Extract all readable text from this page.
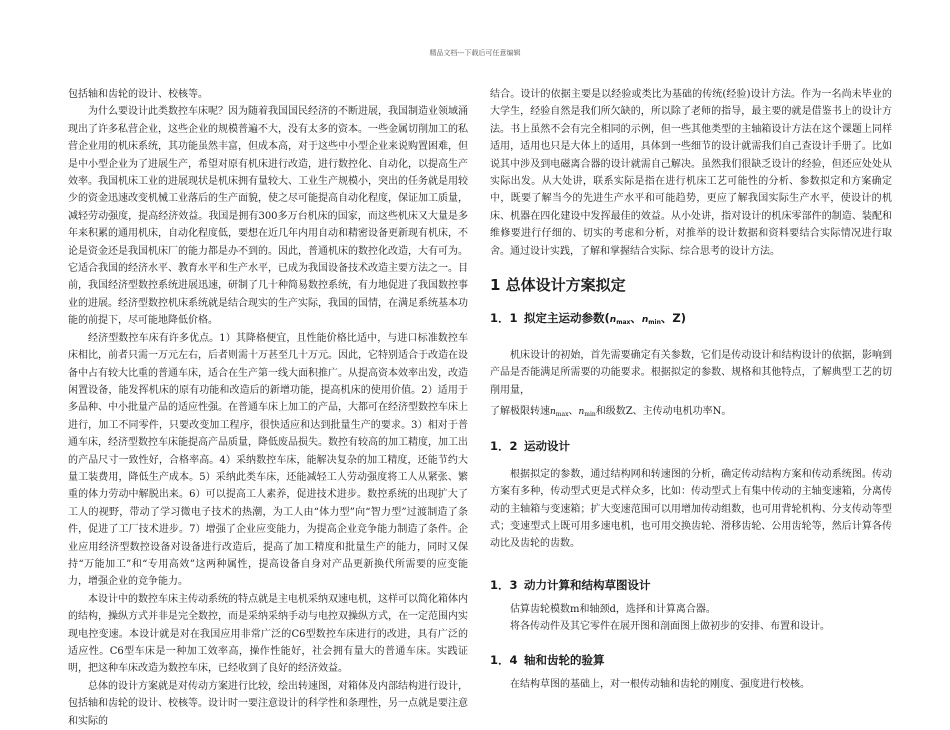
精品文档---下载后可任意编辑

包括轴和齿轮的设计、校核等。

为什么要设计此类数控车床呢？因为随着我国国民经济的不断进展，我国制造业领域涌现出了许多私营企业，这些企业的规模普遍不大，没有太多的资本。一些金属切削加工的私营企业用的机床系统，其功能虽然丰富，但成本高，对于这些中小型企业来说购置困难，但是中小型企业为了进展生产，希望对原有机床进行改造，进行数控化、自动化，以提高生产效率。我国机床工业的进展现状是机床拥有量较大、工业生产规模小，突出的任务就是用较少的资金迅速改变机械工业落后的生产面貌，使之尽可能提高自动化程度，保证加工质量，减轻劳动强度，提高经济效益。我国是拥有300多万台机床的国家，而这些机床又大量是多年来积累的通用机床，自动化程度低，要想在近几年内用自动和精密设备更新现有机床，不论是资金还是我国机床厂的能力都是办不到的。因此，普通机床的数控化改造，大有可为。它适合我国的经济水平、教育水平和生产水平，已成为我国设备技术改造主要方法之一。目前，我国经济型数控系统进展迅速，研制了几十种简易数控系统，有力地促进了我国数控事业的进展。经济型数控机床系统就是结合现实的生产实际，我国的国情，在满足系统基本功能的前提下，尽可能地降低价格。

经济型数控车床有许多优点。1）其降格便宜，且性能价格比适中，与进口标准数控车床相比，前者只需一万元左右，后者则需十万甚至几十万元。因此，它特别适合于改造在设备中占有较大比重的普通车床，适合在生产第一线大面积推广。从提高资本效率出发，改造闲置设备，能发挥机床的原有功能和改造后的新增功能，提高机床的使用价值。2）适用于多品种、中小批量产品的适应性强。在普通车床上加工的产品，大都可在经济型数控车床上进行，加工不同零件，只要改变加工程序，很快适应和达到批量生产的要求。3）相对于普通车床，经济型数控车床能提高产品质量，降低废品损失。数控有较高的加工精度，加工出的产品尺寸一致性好，合格率高。4）采纳数控车床，能解决复杂的加工精度，还能节约大量工装费用，降低生产成本。5）采纳此类车床，还能减轻工人劳动强度将工人从紧张、繁重的体力劳动中解脱出来。6）可以提高工人素养，促进技术进步。数控系统的出现扩大了工人的视野，带动了学习微电子技术的热潮，为工人由“体力型”向“智力型”过渡制造了条件，促进了工厂技术进步。7）增强了企业应变能力，为提高企业竞争能力制造了条件。企业应用经济型数控设备对设备进行改造后，提高了加工精度和批量生产的能力，同时又保持“万能加工”和“专用高效”这两种属性，提高设备自身对产品更新换代所需要的应变能力，增强企业的竞争能力。

本设计中的数控车床主传动系统的特点就是主电机采纳双速电机，这样可以简化箱体内的结构，操纵方式并非是完全数控，而是采纳采纳手动与电控双操纵方式，在一定范围内实现电控变速。本设计就是对在我国应用非常广泛的C6型数控车床进行的改进，具有广泛的适应性。C6型车床是一种加工效率高，操作性能好，社会拥有量大的普通车床。实践证明，把这种车床改造为数控车床，已经收到了良好的经济效益。

总体的设计方案就是对传动方案进行比较，绘出转速图，对箱体及内部结构进行设计，包括轴和齿轮的设计、校核等。设计时一要注意设计的科学性和条理性，另一点就是要注意和实际的

结合。设计的依据主要是以经验或类比为基础的传统(经验)设计方法。作为一名尚未毕业的大学生，经验自然是我们所欠缺的，所以除了老师的指导，最主要的就是借鉴书上的设计方法。书上虽然不会有完全相同的示例，但一些其他类型的主轴箱设计方法在这个课题上同样适用，适用也只是大体上的适用，具体到一些细节的设计就需我们自己查设计手册了。比如说其中涉及到电磁离合器的设计就需自己解决。虽然我们很缺乏设计的经验，但还应处处从实际出发。从大处讲，联系实际是指在进行机床工艺可能性的分析、参数拟定和方案确定中，既要了解当今的先进生产水平和可能趋势，更应了解我国实际生产水平，使设计的机床、机器在四化建设中发挥最佳的效益。从小处讲，指对设计的机床零部件的制造、装配和维修要进行仔细的、切实的考虑和分析，对推举的设计数据和资料要结合实际情况进行取舍。通过设计实践，了解和掌握结合实际、综合思考的设计方法。

1 总体设计方案拟定
1．1 拟定主运动参数($n_{max}$、$n_{min}$、Z)

机床设计的初始，首先需要确定有关参数，它们是传动设计和结构设计的依据，影响到产品是否能满足所需要的功能要求。根据拟定的参数、规格和其他特点，了解典型工艺的切削用量，

了解极限转速$n_{max}$、$n_{min}$和级数Z、主传动电机功率N。

1．2 运动设计

根据拟定的参数，通过结构网和转速图的分析，确定传动结构方案和传动系统图。传动方案有多种，传动型式更是式样众多，比如：传动型式上有集中传动的主轴变速箱，分离传动的主轴箱与变速箱；扩大变速范围可以用增加传动组数，也可用背轮机构、分支传动等型式；变速型式上既可用多速电机，也可用交换齿轮、滑移齿轮、公用齿轮等，然后计算各传动比及齿轮的齿数。

1．3 动力计算和结构草图设计

估算齿轮模数m和轴颈d，选择和计算离合器。

将各传动件及其它零件在展开图和剖面图上做初步的安排、布置和设计。

1．4 轴和齿轮的验算

在结构草图的基础上，对一根传动轴和齿轮的刚度、强度进行校核。
